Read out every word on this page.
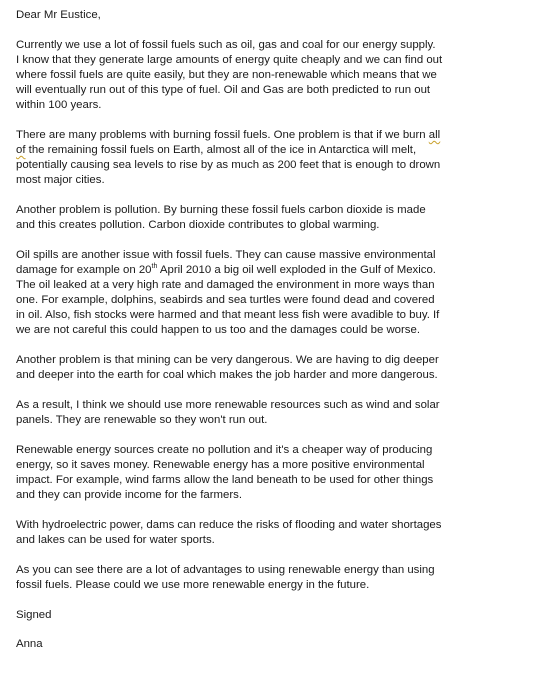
Dear Mr Eustice,

Currently we use a lot of fossil fuels such as oil, gas and coal for our energy supply.
I know that they generate large amounts of energy quite cheaply and we can find out
where fossil fuels are quite easily, but they are non-renewable which means that we
will eventually run out of this type of fuel. Oil and Gas are both predicted to run out
within 100 years.

There are many problems with burning fossil fuels. One problem is that if we burn all
of the remaining fossil fuels on Earth, almost all of the ice in Antarctica will melt,
potentially causing sea levels to rise by as much as 200 feet that is enough to drown
most major cities.

Another problem is pollution. By burning these fossil fuels carbon dioxide is made
and this creates pollution. Carbon dioxide contributes to global warming.

Oil spills are another issue with fossil fuels. They can cause massive environmental
damage for example on 20th April 2010 a big oil well exploded in the Gulf of Mexico.
The oil leaked at a very high rate and damaged the environment in more ways than
one. For example, dolphins, seabirds and sea turtles were found dead and covered
in oil. Also, fish stocks were harmed and that meant less fish were avadible to buy. If
we are not careful this could happen to us too and the damages could be worse.

Another problem is that mining can be very dangerous. We are having to dig deeper
and deeper into the earth for coal which makes the job harder and more dangerous.

As a result, I think we should use more renewable resources such as wind and solar
panels. They are renewable so they won't run out.

Renewable energy sources create no pollution and it's a cheaper way of producing
energy, so it saves money. Renewable energy has a more positive environmental
impact. For example, wind farms allow the land beneath to be used for other things
and they can provide income for the farmers.

With hydroelectric power, dams can reduce the risks of flooding and water shortages
and lakes can be used for water sports.

As you can see there are a lot of advantages to using renewable energy than using
fossil fuels. Please could we use more renewable energy in the future.

Signed

Anna
